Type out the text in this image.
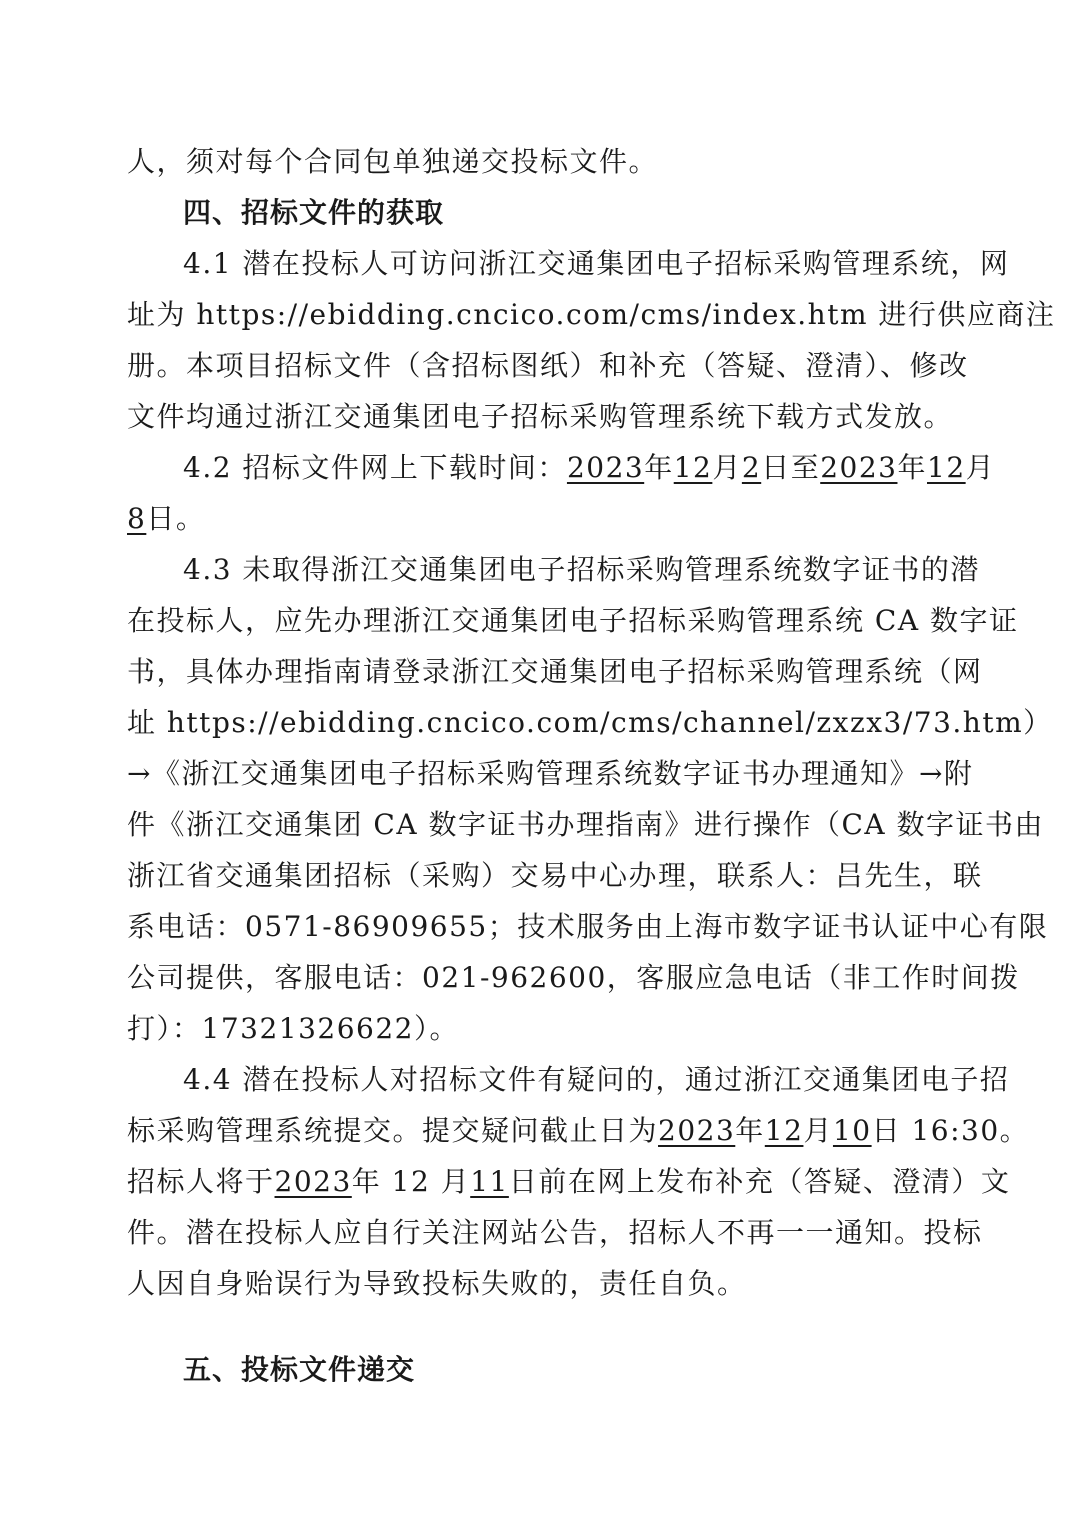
人，须对每个合同包单独递交投标文件。
四、招标文件的获取
4.1 潜在投标人可访问浙江交通集团电子招标采购管理系统，网
址为 https://ebidding.cncico.com/cms/index.htm 进行供应商注
册。本项目招标文件（含招标图纸）和补充（答疑、澄清）、修改
文件均通过浙江交通集团电子招标采购管理系统下载方式发放。
4.2 招标文件网上下载时间：2023年12月2日至2023年12月
8日。
4.3 未取得浙江交通集团电子招标采购管理系统数字证书的潜
在投标人，应先办理浙江交通集团电子招标采购管理系统 CA 数字证
书，具体办理指南请登录浙江交通集团电子招标采购管理系统（网
址 https://ebidding.cncico.com/cms/channel/zxzx3/73.htm）
→《浙江交通集团电子招标采购管理系统数字证书办理通知》→附
件《浙江交通集团 CA 数字证书办理指南》进行操作（CA 数字证书由
浙江省交通集团招标（采购）交易中心办理，联系人：吕先生，联
系电话：0571-86909655；技术服务由上海市数字证书认证中心有限
公司提供，客服电话：021-962600，客服应急电话（非工作时间拨
打）：17321326622）。
4.4 潜在投标人对招标文件有疑问的，通过浙江交通集团电子招
标采购管理系统提交。提交疑问截止日为2023年12月10日 16:30。
招标人将于2023年 12 月11日前在网上发布补充（答疑、澄清）文
件。潜在投标人应自行关注网站公告，招标人不再一一通知。投标
人因自身贻误行为导致投标失败的，责任自负。
五、投标文件递交
